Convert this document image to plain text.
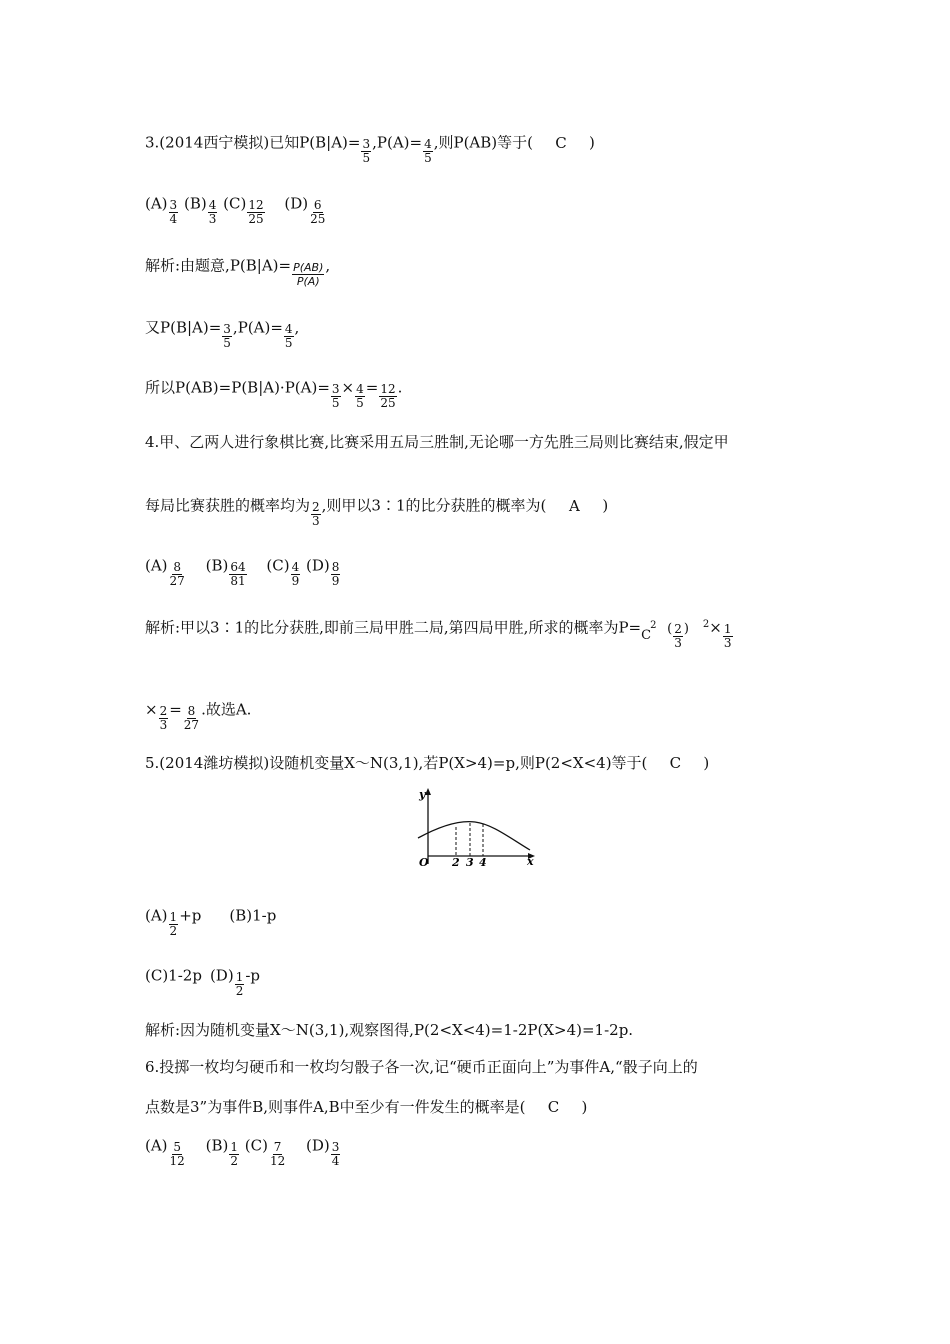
3.(2014西宁模拟)已知$P(B|A)= \frac{3}{5} ,P(A)= \frac{4}{5}$ ,则P(AB)等于( C )
$(A) \frac{3}{4} (B) \frac{4}{3} (C) \frac{12}{25} (D) \frac{6}{25}$
解析:由题意$,P(B|A)= \frac{P(AB)}{P(A)}$ ,
又$P(B|A)= \frac{3}{5} ,P(A)= \frac{4}{5}$ ,
所以$P(AB)=P(B|A)\cdot P(A)= \frac{3}{5} \times \frac{4}{5} = \frac{12}{25}$ .
4.甲、乙两人进行象棋比赛,比赛采用五局三胜制,无论哪一方先胜三局则比赛结束,假定甲
每局比赛获胜的概率均为 $\frac{2}{3}$ ,则甲以3∶1的比分获胜的概率为( A )
$(A) \frac{8}{27} (B) \frac{64}{81} (C) \frac{4}{9} (D) \frac{8}{9}$
解析:甲以3∶1的比分获胜,即前三局甲胜二局,第四局甲胜,所求的概率为P=C
2 ( $\frac{2}{3}$ ) $^2\times \frac{1}{3}$
× $\frac{2}{3} = \frac{8}{27}$ .故选A.
5.(2014潍坊模拟)设随机变量X～N(3,1),若P(X>4)=p,则P(2<X<4)等于( C )
y
x
O 2 3 4
$(A) \frac{1}{2} +p$ (B)1-p
(C)1-2p $(D) \frac{1}{2} -p$
解析:因为随机变量X～N(3,1),观察图得,P(2<X<4)=1-2P(X>4)=1-2p.
6.投掷一枚均匀硬币和一枚均匀骰子各一次,记“硬币正面向上”为事件A,“骰子向上的
点数是3”为事件B,则事件A,B中至少有一件发生的概率是( C )
$(A) \frac{5}{12} (B) \frac{1}{2} (C) \frac{7}{12} (D) \frac{3}{4}$
